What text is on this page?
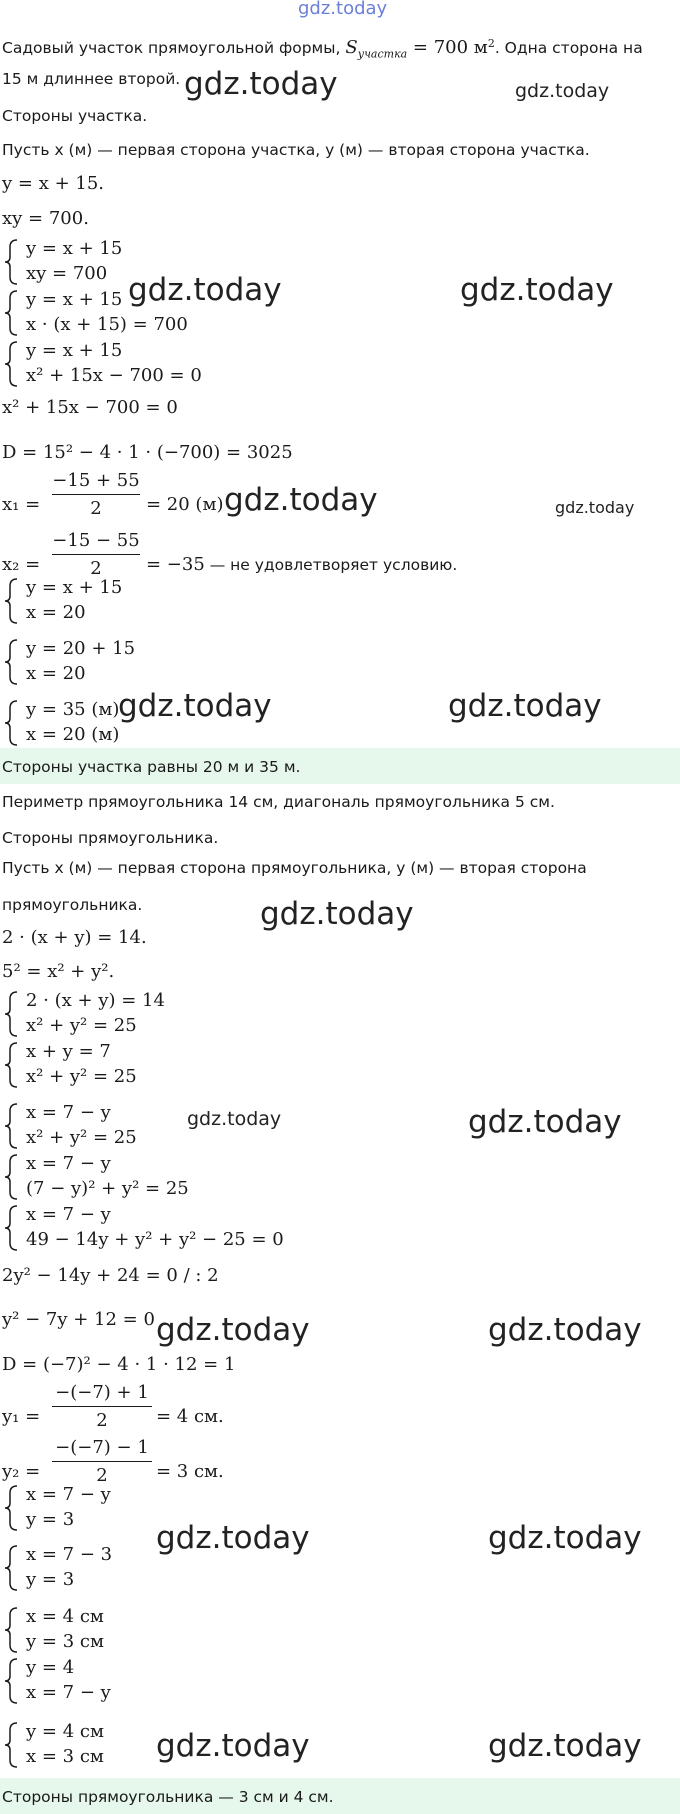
gdz.today
Садовый участок прямоугольной формы, $S_{участка} = 700$ $м^2$. Одна сторона на
15 м длиннее второй.
Стороны участка.
Пусть x (м) — первая сторона участка, y (м) — вторая сторона участка.
y = x + 15.
xy = 700.
y = x + 15
xy = 700
y = x + 15
x · (x + 15) = 700
y = x + 15
x² + 15x − 700 = 0
x² + 15x − 700 = 0
D = 15² − 4 · 1 · (−700) = 3025
x₁ =
−15 + 55
2	= 20 (м)
x₂ =
−15 − 55
2	= −35 — не удовлетворяет условию.
y = x + 15
x = 20
y = 20 + 15
x = 20
y = 35 (м)
x = 20 (м)
Стороны участка равны 20 м и 35 м.
Периметр прямоугольника 14 см, диагональ прямоугольника 5 см.
Стороны прямоугольника.
Пусть x (м) — первая сторона прямоугольника, y (м) — вторая сторона
прямоугольника.
2 · (x + y) = 14.
5² = x² + y².
2 · (x + y) = 14
x² + y² = 25
x + y = 7
x² + y² = 25
x = 7 − y
x² + y² = 25
x = 7 − y
(7 − y)² + y² = 25
x = 7 − y
49 − 14y + y² + y² − 25 = 0
2y² − 14y + 24 = 0 / : 2
y² − 7y + 12 = 0
D = (−7)² − 4 · 1 · 12 = 1
y₁ =
−(−7) + 1
2	= 4 см.
y₂ =
−(−7) − 1
2	= 3 см.
x = 7 − y
y = 3
x = 7 − 3
y = 3
x = 4 см
y = 3 см
y = 4
x = 7 − y
y = 4 см
x = 3 см
Стороны прямоугольника — 3 см и 4 см.
gdz.today	gdz.today
gdz.today	gdz.today
gdz.today	gdz.today
gdz.today	gdz.today
gdz.today
gdz.today	gdz.today
gdz.today	gdz.today
gdz.today	gdz.today
gdz.today	gdz.today
